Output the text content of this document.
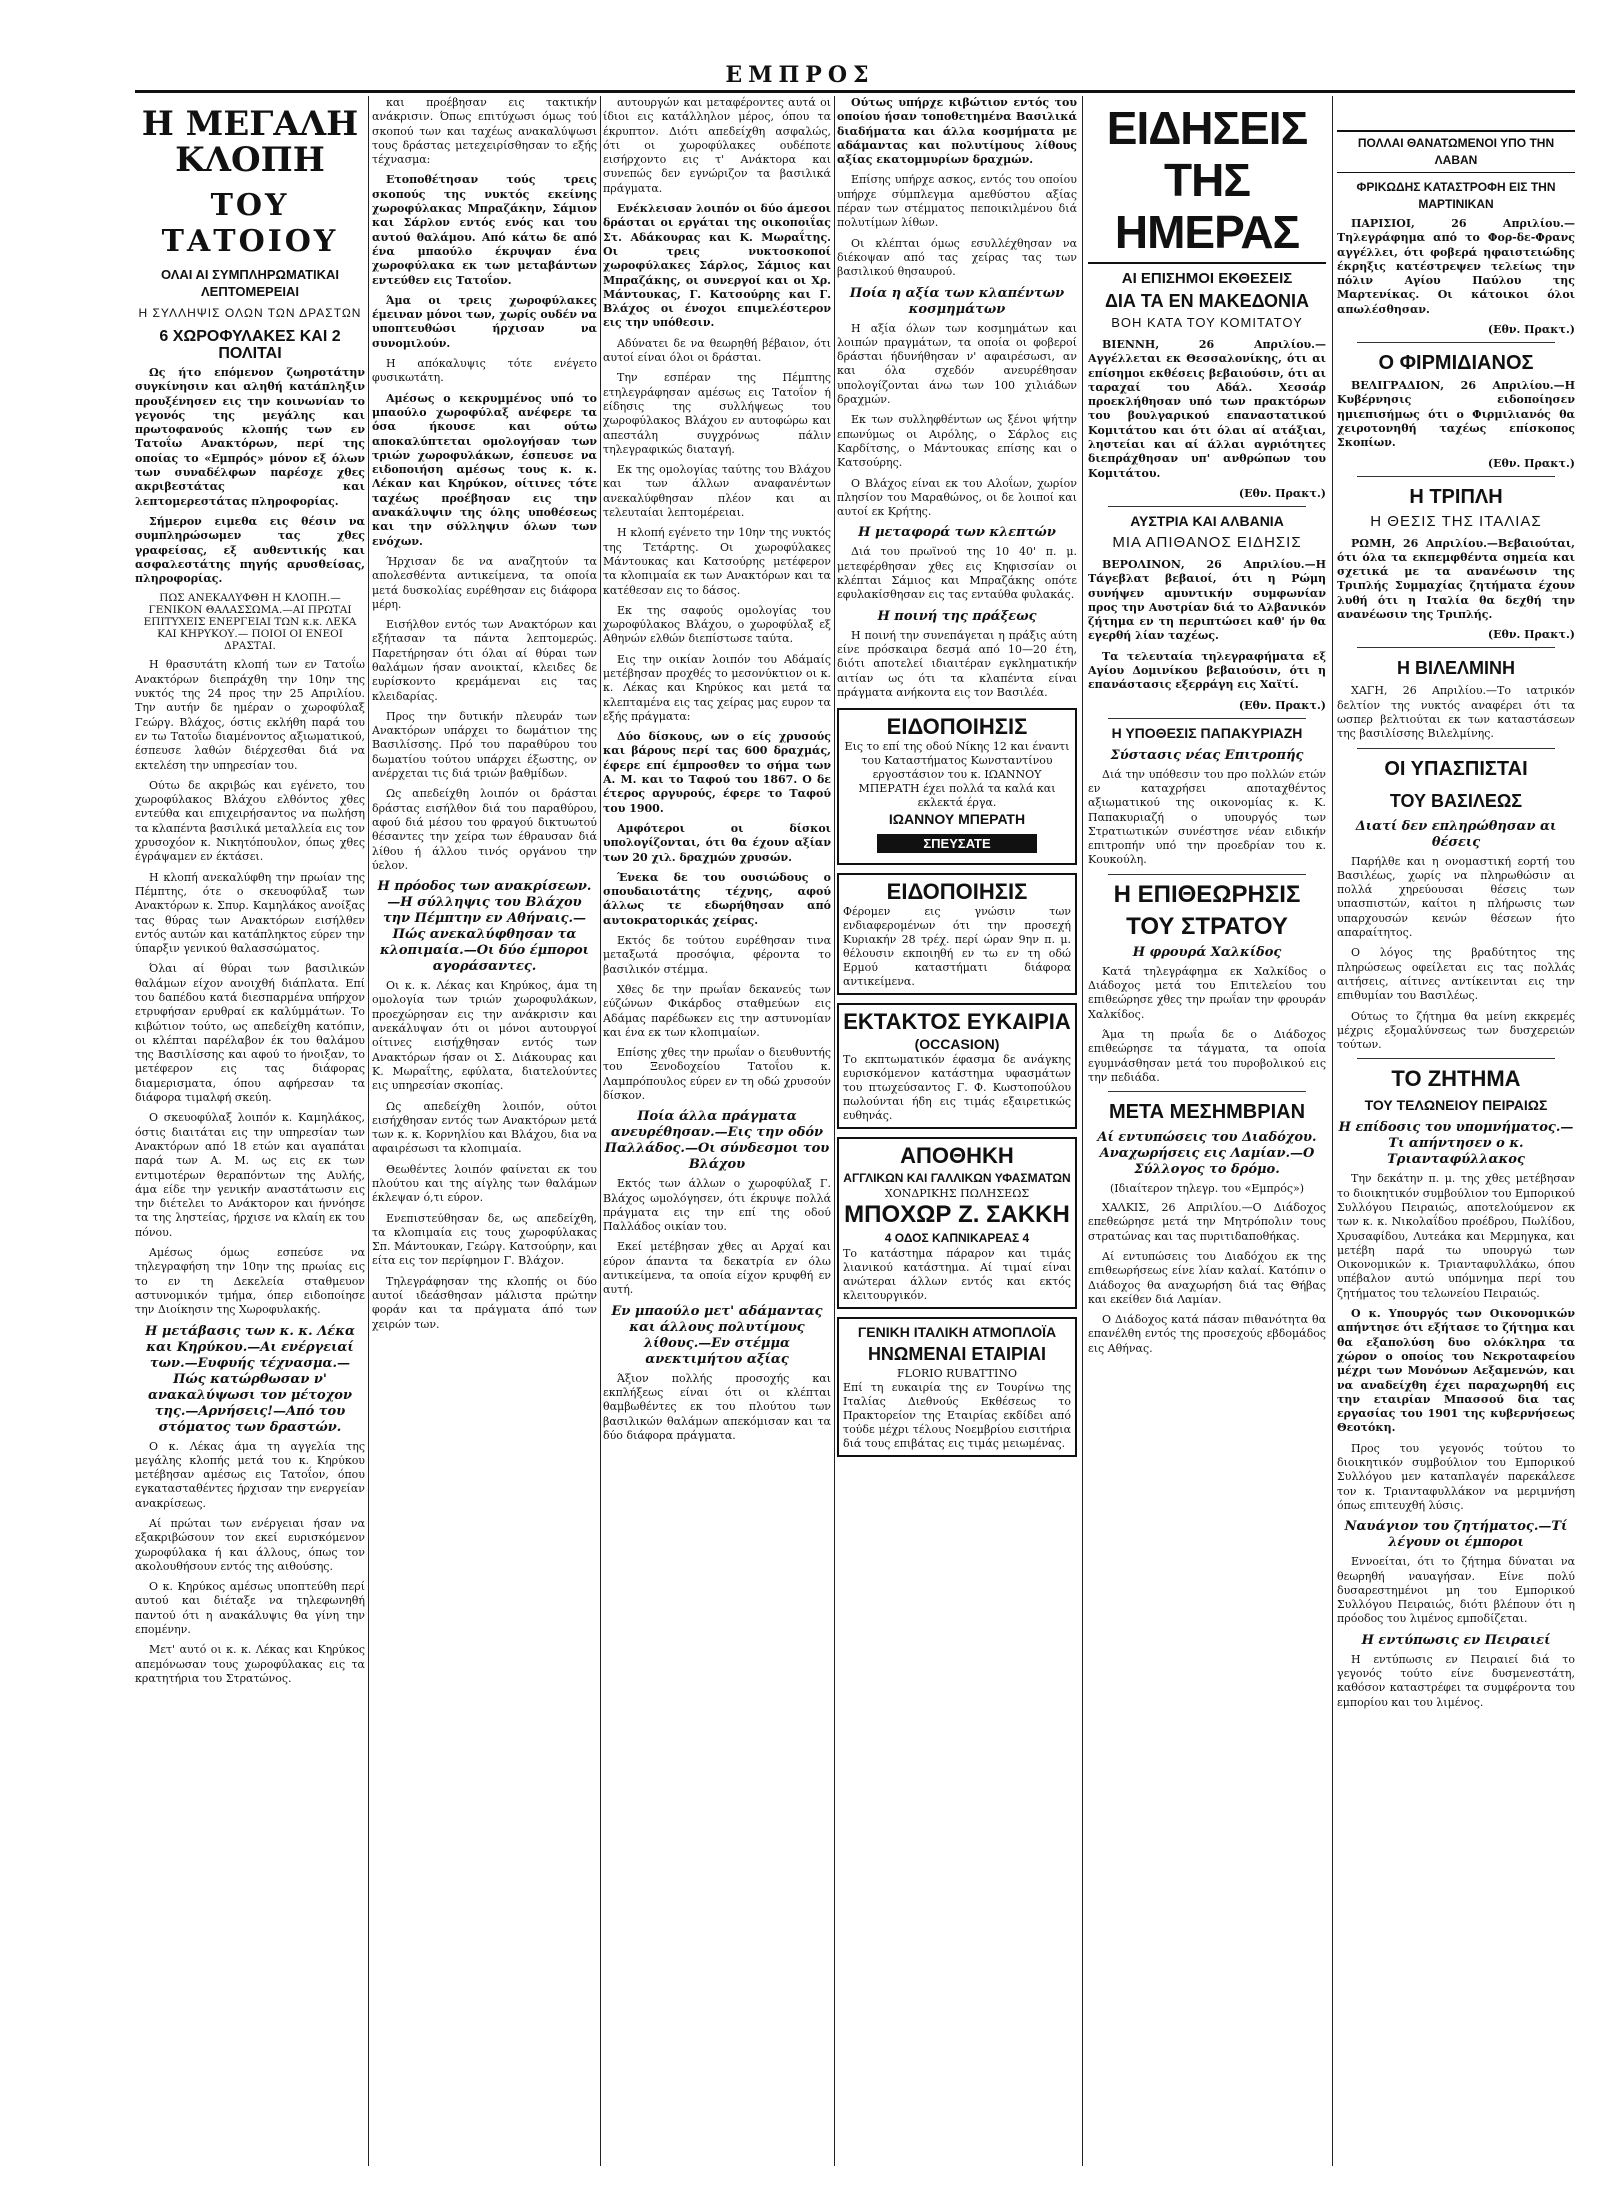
ΕΜΠΡΟΣ
Η ΜΕΓΑΛΗ ΚΛΟΠΗ
ΤΟΥ ΤΑΤΟΙΟΥ
ΟΛΑΙ ΑΙ ΣΥΜΠΛΗΡΩΜΑΤΙΚΑΙ ΛΕΠΤΟΜΕΡΕΙΑΙ
Η ΣΥΛΛΗΨΙΣ ΟΛΩΝ ΤΩΝ ΔΡΑΣΤΩΝ
6 ΧΩΡΟΦΥΛΑΚΕΣ ΚΑΙ 2 ΠΟΛΙΤΑΙ

Ως ήτο επόμενον ζωηροτάτην συγκίνησιν και αληθή κατάπληξιν προυξένησεν εις την κοινωνίαν το γεγονός της μεγάλης και πρωτοφανούς κλοπής των εν Τατοΐω Ανακτόρων, περί της οποίας το «Εμπρός» μόνον εξ όλων των συναδέλφων παρέσχε χθες ακριβεστάτας και λεπτομερεστάτας πληροφορίας.

Σήμερον ειμεθα εις θέσιν να συμπληρώσωμεν τας χθες γραφείσας, εξ αυθεντικής και ασφαλεστάτης πηγής αρυσθείσας, πληροφορίας.

ΠΩΣ ΑΝΕΚΑΛΥΦΘΗ Η ΚΛΟΠΗ.—ΓΕΝΙΚΟΝ ΘΑΛΑΣΣΩΜΑ.—ΑΙ ΠΡΩΤΑΙ ΕΠΙΤΥΧΕΙΣ ΕΝΕΡΓΕΙΑΙ ΤΩΝ κ.κ. ΛΕΚΑ ΚΑΙ ΚΗΡΥΚΟΥ.— ΠΟΙΟΙ ΟΙ ΕΝΕΟΙ ΔΡΑΣΤΑΙ.

Η θρασυτάτη κλοπή των εν Τατοΐω Ανακτόρων διεπράχθη την 10ην της νυκτός της 24 προς την 25 Απριλίου. Την αυτήν δε ημέραν ο χωροφύλαξ Γεώργ. Βλάχος, όστις εκλήθη παρά του εν τω Τατοΐω διαμένοντος αξιωματικού, έσπευσε λαθών διέρχεσθαι διά να εκτελέση την υπηρεσίαν του.

Ούτω δε ακριβώς και εγένετο, του χωροφύλακος Βλάχου ελθόντος χθες εντεύθα και επιχειρήσαντος να πωλήση τα κλαπέντα βασιλικά μεταλλεία εις τον χρυσοχόον κ. Νικητόπουλον, όπως χθες έγράψαμεν εν έκτάσει.

Η κλοπή ανεκαλύφθη την πρωίαν της Πέμπτης, ότε ο σκευοφύλαξ των Ανακτόρων κ. Σπυρ. Καμηλάκος ανοίξας τας θύρας των Ανακτόρων εισήλθεν εντός αυτών και κατάπληκτος εύρεν την ύπαρξιν γενικού θαλασσώματος.

Όλαι αί θύραι των βασιλικών θαλάμων είχον ανοιχθή διάπλατα. Επί του δαπέδου κατά διεσπαρμένα υπήρχον ετρυφήσαν ερυθραί εκ καλύμμάτων. Το κιβώτιον τούτο, ως απεδείχθη κατόπιν, οι κλέπται παρέλαβον έκ του θαλάμου της Βασιλίσσης και αφού το ήνοιξαν, το μετέφερον εις τας διάφορας διαμερισματα, όπου αφήρεσαν τα διάφορα τιμαλφή σκεύη.

Ο σκευοφύλαξ λοιπόν κ. Καμηλάκος, όστις διαιτάται εις την υπηρεσίαν των Ανακτόρων από 18 ετών και αγαπάται παρά των Α. Μ. ως εις εκ των εντιμοτέρων θεραπόντων της Αυλής, άμα είδε την γενικήν αναστάτωσιν εις την διέτελει το Ανάκτορον και ήννόησε τα της ληστείας, ήρχισε να κλαίη εκ του πόνου.

Αμέσως όμως εσπεύσε να τηλεγραφήση την 10ην της πρωίας εις το εν τη Δεκελεία σταθμευον αστυνομικόν τμήμα, όπερ ειδοποίησε την Διοίκησιν της Χωροφυλακής.

Η μετάβασις των κ. κ. Λέκα και Κηρύκου.—Αι ενέργειαί των.—Ευφυής τέχνασμα.—Πώς κατώρθωσαν ν' ανακαλύψωσι τον μέτοχον της.—Αρνήσεις!—Από του στόματος των δραστών.

Ο κ. Λέκας άμα τη αγγελία της μεγάλης κλοπής μετά του κ. Κηρύκου μετέβησαν αμέσως εις Τατοΐον, όπου εγκατασταθέντες ήρχισαν την ενεργείαν ανακρίσεως.

Αί πρώται των ενέργειαι ήσαν να εξακριβώσουν τον εκεί ευρισκόμενον χωροφύλακα ή και άλλους, όπως τον ακολουθήσουν εντός της αιθούσης.

Ο κ. Κηρύκος αμέσως υποπτεύθη περί αυτού και διέταξε να τηλεφωνηθή παντού ότι η ανακάλυψις θα γίνη την επομένην.

Μετ' αυτό οι κ. κ. Λέκας και Κηρύκος απεμόνωσαν τους χωροφύλακας εις τα κρατητήρια του Στρατώνος.

και προέβησαν εις τακτικήν ανάκρισιν. Όπως επιτύχωσι όμως τού σκοπού των και ταχέως ανακαλύψωσι τους δράστας μετεχειρίσθησαν το εξής τέχνασμα:

Ετοποθέτησαν τούς τρεις σκοπούς της νυκτός εκείνης χωροφύλακας Μπραζάκην, Σάμιον και Σάρλον εντός ενός και του αυτού θαλάμου. Από κάτω δε από ένα μπαούλο έκρυψαν ένα χωροφύλακα εκ των μεταβάντων εντεύθεν εις Τατοΐον.

Άμα οι τρεις χωροφύλακες έμειναν μόνοι των, χωρίς ουδέν να υποπτευθώσι ήρχισαν να συνομιλούν.

Η απόκαλυψις τότε ενέγετο φυσικωτάτη.

Αμέσως ο κεκρυμμένος υπό το μπαούλο χωροφύλαξ ανέφερε τα όσα ήκουσε και ούτω αποκαλύπτεται ομολογήσαν των τριών χωροφυλάκων, έσπευσε να ειδοποιήση αμέσως τους κ. κ. Λέκαν και Κηρύκον, οίτινες τότε ταχέως προέβησαν εις την ανακάλυψιν της όλης υποθέσεως και την σύλληψιν όλων των ενόχων.

Ήρχισαν δε να αναζητούν τα απολεσθέντα αντικείμενα, τα οποία μετά δυσκολίας ευρέθησαν εις διάφορα μέρη.

Εισήλθον εντός των Ανακτόρων και εξήτασαν τα πάντα λεπτομερώς. Παρετήρησαν ότι όλαι αί θύραι των θαλάμων ήσαν ανοικταί, κλειδες δε ευρίσκοντο κρεμάμεναι εις τας κλειδαρίας.

Προς την δυτικήν πλευράν των Ανακτόρων υπάρχει το δωμάτιον της Βασιλίσσης. Πρό του παραθύρου του δωματίου τούτου υπάρχει έξωστης, ον ανέρχεται τις διά τριών βαθμίδων.

Ως απεδείχθη λοιπόν οι δράσται δράστας εισήλθον διά του παραθύρου, αφού διά μέσου του φραγού δικτυωτού θέσαντες την χείρα των έθραυσαν διά λίθου ή άλλου τινός οργάνου την ύελον.

Η πρόοδος των ανακρίσεων.—Η σύλληψις του Βλάχου την Πέμπτην εν Αθήναις.—Πώς ανεκαλύφθησαν τα κλοπιμαία.—Οι δύο έμποροι αγοράσαντες.

Οι κ. κ. Λέκας και Κηρύκος, άμα τη ομολογία των τριών χωροφυλάκων, προεχώρησαν εις την ανάκρισιν και ανεκάλυψαν ότι οι μόνοι αυτουργοί οίτινες εισήχθησαν εντός των Ανακτόρων ήσαν οι Σ. Διάκουρας και Κ. Μωραΐτης, εφύλατα, διατελούντες εις υπηρεσίαν σκοπίας.

Ως απεδείχθη λοιπόν, ούτοι εισήχθησαν εντός των Ανακτόρων μετά των κ. κ. Κορνηλίου και Βλάχου, δια να αφαιρέσωσι τα κλοπιμαία.

Θεωθέντες λοιπόν φαίνεται εκ του πλούτου και της αίγλης των θαλάμων έκλεψαν ό,τι εύρον.

Ενεπιστεύθησαν δε, ως απεδείχθη, τα κλοπιμαία εις τους χωροφύλακας Σπ. Μάντουκαν, Γεώργ. Κατσούρην, και είτα εις τον περίφημον Γ. Βλάχον.

Τηλεγράφησαν της κλοπής οι δύο αυτοί ιδεάσθησαν μάλιστα πρώτην φοράν και τα πράγματα άπό των χειρών των.

αυτουργών και μεταφέροντες αυτά οι ίδιοι εις κατάλληλον μέρος, όπου τα έκρυπτον. Διότι απεδείχθη ασφαλώς, ότι οι χωροφύλακες ουδέποτε εισήρχοντο εις τ' Ανάκτορα και συνεπώς δεν εγνώριζον τα βασιλικά πράγματα.

Ενέκλεισαν λοιπόν οι δύο άμεσοι δράσται οι εργάται της οικοποιΐας Στ. Αδάκουρας και Κ. Μωραΐτης. Οι τρεις νυκτοσκοποί χωροφύλακες Σάρλος, Σάμιος και Μπραζάκης, οι συνεργοί και οι Χρ. Μάντουκας, Γ. Κατσούρης και Γ. Βλάχος οι ένοχοι επιμελέστερον εις την υπόθεσιν.

Αδύνατει δε να θεωρηθή βέβαιον, ότι αυτοί είναι όλοι οι δράσται.

Την εσπέραν της Πέμπτης ετηλεγράφησαν αμέσως εις Τατοΐον ή είδησις της συλλήψεως του χωροφύλακος Βλάχου εν αυτοφώρω και απεστάλη συγχρόνως πάλιν τηλεγραφικώς διαταγή.

Εκ της ομολογίας ταύτης του Βλάχου και των άλλων αναφανέντων ανεκαλύφθησαν πλέον και αι τελευταίαι λεπτομέρειαι.

Η κλοπή εγένετο την 10ην της νυκτός της Τετάρτης. Οι χωροφύλακες Μάντουκας και Κατσούρης μετέφερον τα κλοπιμαία εκ των Ανακτόρων και τα κατέθεσαν εις το δάσος.

Εκ της σαφούς ομολογίας του χωροφύλακος Βλάχου, ο χωροφύλαξ εξ Αθηνών ελθών διεπίστωσε ταύτα.

Εις την οικίαν λοιπόν του Αδάμαίς μετέβησαν προχθές το μεσονύκτιον οι κ. κ. Λέκας και Κηρύκος και μετά τα κλεπταμένα εις τας χείρας μας ευρον τα εξής πράγματα:

Δύο δίσκους, ων ο είς χρυσούς και βάρους περί τας 600 δραχμάς, έφερε επί έμπροσθεν το σήμα των Α. Μ. και το Ταφού του 1867. Ο δε έτερος αργυρούς, έφερε το Ταφού του 1900.

Αμφότεροι οι δίσκοι υπολογίζονται, ότι θα έχουν αξίαν των 20 χιλ. δραχμών χρυσών.

Ένεκα δε του ουσιώδους ο σπουδαιοτάτης τέχνης, αφού άλλως τε εδωρήθησαν από αυτοκρατορικάς χείρας.

Εκτός δε τούτου ευρέθησαν τινα μεταξωτά προσόψια, φέροντα το βασιλικόν στέμμα.

Χθες δε την πρωΐαν δεκανεύς των εύζώνων Φικάρδος σταθμεύων εις Αδάμας παρέδωκεν εις την αστυνομίαν και ένα εκ των κλοπιμαίων.

Επίσης χθες την πρωΐαν ο διευθυντής του Ξενοδοχείου Τατοΐου κ. Λαμπρόπουλος εύρεν εν τη οδώ χρυσούν δίσκον.

Ποία άλλα πράγματα ανευρέθησαν.—Εις την οδόν Παλλάδος.—Οι σύνδεσμοι του Βλάχου

Εκτός των άλλων ο χωροφύλαξ Γ. Βλάχος ωμολόγησεν, ότι έκρυψε πολλά πράγματα εις την επί της οδού Παλλάδος οικίαν του.

Εκεί μετέβησαν χθες αι Αρχαί και εύρον άπαντα τα δεκατρία εν όλω αντικείμενα, τα οποία είχον κρυφθή εν αυτή.

Εν μπαούλο μετ' αδάμαντας και άλλους πολυτίμους λίθους.—Εν στέμμα ανεκτιμήτου αξίας

Άξιον πολλής προσοχής και εκπλήξεως είναι ότι οι κλέπται θαμβωθέντες εκ του πλούτου των βασιλικών θαλάμων απεκόμισαν και τα δύο διάφορα πράγματα.

Ούτως υπήρχε κιβώτιον εντός του οποίου ήσαν τοποθετημένα Βασιλικά διαδήματα και άλλα κοσμήματα με αδάμαντας και πολυτίμους λίθους αξίας εκατομμυρίων δραχμών.

Επίσης υπήρχε ασκος, εντός του οποίου υπήρχε σύμπλεγμα αμεθύστου αξίας πέραν των στέμματος πεποικιλμένου διά πολυτίμων λίθων.

Οι κλέπται όμως εσυλλέχθησαν να διέκοψαν από τας χείρας τας των βασιλικού θησαυρού.

Ποία η αξία των κλαπέντων κοσμημάτων

Η αξία όλων των κοσμημάτων και λοιπών πραγμάτων, τα οποία οι φοβεροί δράσται ήδυνήθησαν ν' αφαιρέσωσι, αν και όλα σχεδόν ανευρέθησαν υπολογίζονται άνω των 100 χιλιάδων δραχμών.

Εκ των συλληφθέντων ως ξένοι ψήτην επωνύμως οι Αιρόλης, ο Σάρλος εις Καρδίτσης, ο Μάντουκας επίσης και ο Κατσούρης.

Ο Βλάχος είναι εκ του Αλοΐων, χωρίον πλησίον του Μαραθώνος, οι δε λοιποί και αυτοί εκ Κρήτης.

Η μεταφορά των κλεπτών

Διά του πρωϊνού της 10 40' π. μ. μετεφέρθησαν χθες εις Κηφισσίαν οι κλέπται Σάμιος και Μπραζάκης οπότε εφυλακίσθησαν εις τας ενταύθα φυλακάς.

Η ποινή της πράξεως

Η ποινή την συνεπάγεται η πράξις αύτη είνε πρόσκαιρα δεσμά από 10—20 έτη, διότι αποτελεί ιδιαιτέραν εγκληματικήν αιτίαν ως ότι τα κλαπέντα είναι πράγματα ανήκοντα εις τον Βασιλέα.

ΕΙΔΟΠΟΙΗΣΙΣ
Εις το επί της οδού Νίκης 12 και έναντι του Καταστήματος Κωνσταντίνου εργοστάσιον του κ. ΙΩΑΝΝΟΥ ΜΠΕΡΑΤΗ έχει πολλά τα καλά και εκλεκτά έργα.
ΙΩΑΝΝΟΥ ΜΠΕΡΑΤΗ
ΣΠΕΥΣΑΤΕ
ΕΙΔΟΠΟΙΗΣΙΣ
Φέρομεν εις γνώσιν των ενδιαφερομένων ότι την προσεχή Κυριακήν 28 τρέχ. περί ώραν 9ην π. μ. θέλουσιν εκποιηθή εν τω εν τη οδώ Ερμού καταστήματι διάφορα αντικείμενα.
ΕΚΤΑΚΤΟΣ ΕΥΚΑΙΡΙΑ
(OCCASION)
Το εκπτωματικόν έφασμα δε ανάγκης ευρισκόμενον κατάστημα υφασμάτων του πτωχεύσαντος Γ. Φ. Κωστοπούλου πωλούνται ήδη εις τιμάς εξαιρετικώς ευθηνάς.
ΑΠΟΘΗΚΗ
ΑΓΓΛΙΚΩΝ ΚΑΙ ΓΑΛΛΙΚΩΝ ΥΦΑΣΜΑΤΩΝ
ΧΟΝΔΡΙΚΗΣ ΠΩΛΗΣΕΩΣ
ΜΠΟΧΩΡ Ζ. ΣΑΚΚΗ
4 ΟΔΟΣ ΚΑΠΝΙΚΑΡΕΑΣ 4
Το κατάστημα πάραρον και τιμάς λιανικού κατάστημα. Αί τιμαί είναι ανώτεραι άλλων εντός και εκτός κλειτουργικόν.
ΓΕΝΙΚΗ ΙΤΑΛΙΚΗ ΑΤΜΟΠΛΟΪΑ
ΗΝΩΜΕΝΑΙ ΕΤΑΙΡΙΑΙ
FLORIO RUBATTINO
Επί τη ευκαιρία της εν Τουρίνω της Ιταλίας Διεθνούς Εκθέσεως το Πρακτορείον της Εταιρίας εκδίδει από τούδε μέχρι τέλους Νοεμβρίου εισιτήρια διά τους επιβάτας εις τιμάς μειωμένας.
ΕΙΔΗΣΕΙΣ ΤΗΣ ΗΜΕΡΑΣ
ΑΙ ΕΠΙΣΗΜΟΙ ΕΚΘΕΣΕΙΣ
ΔΙΑ ΤΑ ΕΝ ΜΑΚΕΔΟΝΙΑ
ΒΟΗ ΚΑΤΑ ΤΟΥ ΚΟΜΙΤΑΤΟΥ

ΒΙΕΝΝΗ, 26 Απριλίου.—Αγγέλλεται εκ Θεσσαλονίκης, ότι αι επίσημοι εκθέσεις βεβαιούσιν, ότι αι ταραχαί του Αδάλ. Χεσσάρ προεκλήθησαν υπό των πρακτόρων του βουλγαρικού επαναστατικού Κομιτάτου και ότι όλαι αί ατάξιαι, ληστείαι και αί άλλαι αγριότητες διεπράχθησαν υπ' ανθρώπων του Κομιτάτου.

(Εθν. Πρακτ.)
ΑΥΣΤΡΙΑ ΚΑΙ ΑΛΒΑΝΙΑ
ΜΙΑ ΑΠΙΘΑΝΟΣ ΕΙΔΗΣΙΣ

ΒΕΡΟΛΙΝΟΝ, 26 Απριλίου.—Η Τάγεβλατ βεβαιοί, ότι η Ρώμη συνήψεν αμυντικήν συμφωνίαν προς την Αυστρίαν διά το Αλβανικόν ζήτημα εν τη περιπτώσει καθ' ήν θα εγερθή λίαν ταχέως.

Τα τελευταία τηλεγραφήματα εξ Αγίου Δομινίκου βεβαιούσιν, ότι η επανάστασις εξερράγη εις Χαϊτί.

(Εθν. Πρακτ.)
Η ΥΠΟΘΕΣΙΣ ΠΑΠΑΚΥΡΙΑΖΗ
Σύστασις νέας Επιτροπής

Διά την υπόθεσιν του προ πολλών ετών εν καταχρήσει αποταχθέντος αξιωματικού της οικονομίας κ. Κ. Παπακυριαζή ο υπουργός των Στρατιωτικών συνέστησε νέαν ειδικήν επιτροπήν υπό την προεδρίαν του κ. Κουκούλη.

Η ΕΠΙΘΕΩΡΗΣΙΣ
ΤΟΥ ΣΤΡΑΤΟΥ
Η φρουρά Χαλκίδος

Κατά τηλεγράφημα εκ Χαλκίδος ο Διάδοχος μετά του Επιτελείου του επιθεώρησε χθες την πρωΐαν την φρουράν Χαλκίδος.

Άμα τη πρωΐα δε ο Διάδοχος επιθεώρησε τα τάγματα, τα οποία εγυμνάσθησαν μετά του πυροβολικού εις την πεδιάδα.

ΜΕΤΑ ΜΕΣΗΜΒΡΙΑΝ
Αί εντυπώσεις του Διαδόχου. Αναχωρήσεις εις Λαμίαν.—Ο Σύλλογος το δρόμο.
(Ιδιαίτερον τηλεγρ. του «Εμπρός»)

ΧΑΛΚΙΣ, 26 Απριλίου.—Ο Διάδοχος επεθεώρησε μετά την Μητρόπολιν τους στρατώνας και τας πυριτιδαποθήκας.

Αί εντυπώσεις του Διαδόχου εκ της επιθεωρήσεως είνε λίαν καλαί. Κατόπιν ο Διάδοχος θα αναχωρήση διά τας Θήβας και εκείθεν διά Λαμίαν.

Ο Διάδοχος κατά πάσαν πιθανότητα θα επανέλθη εντός της προσεχούς εβδομάδος εις Αθήνας.

ΠΟΛΛΑΙ ΘΑΝΑΤΩΜΕΝΟΙ ΥΠΟ ΤΗΝ ΛΑΒΑΝ
ΦΡΙΚΩΔΗΣ ΚΑΤΑΣΤΡΟΦΗ ΕΙΣ ΤΗΝ ΜΑΡΤΙΝΙΚΑΝ

ΠΑΡΙΣΙΟΙ, 26 Απριλίου.—Τηλεγράφημα από το Φορ-δε-Φρανς αγγέλλει, ότι φοβερά ηφαιστειώδης έκρηξις κατέστρεψεν τελείως την πόλιν Αγίου Παύλου της Μαρτενίκας. Οι κάτοικοι όλοι απωλέσθησαν.

(Εθν. Πρακτ.)
Ο ΦΙΡΜΙΔΙΑΝΟΣ

ΒΕΛΙΓΡΑΔΙΟΝ, 26 Απριλίου.—Η Κυβέρνησις ειδοποίησεν ημιεπισήμως ότι ο Φιρμιλιανός θα χειροτονηθή ταχέως επίσκοπος Σκοπίων.

(Εθν. Πρακτ.)
Η ΤΡΙΠΛΗ
Η ΘΕΣΙΣ ΤΗΣ ΙΤΑΛΙΑΣ

ΡΩΜΗ, 26 Απριλίου.—Βεβαιούται, ότι όλα τα εκπεμφθέντα σημεία και σχετικά με τα ανανέωσιν της Τριπλής Συμμαχίας ζητήματα έχουν λυθή ότι η Ιταλία θα δεχθή την ανανέωσιν της Τριπλής.

(Εθν. Πρακτ.)
Η ΒΙΛΕΛΜΙΝΗ

ΧΑΓΗ, 26 Απριλίου.—Το ιατρικόν δελτίον της νυκτός αναφέρει ότι τα ωσπερ βελτιούται εκ των καταστάσεων της βασιλίσσης Βιλελμίνης.

ΟΙ ΥΠΑΣΠΙΣΤΑΙ
ΤΟΥ ΒΑΣΙΛΕΩΣ
Διατί δεν επληρώθησαν αι θέσεις

Παρήλθε και η ονομαστική εορτή του Βασιλέως, χωρίς να πληρωθώσιν αι πολλά χηρεύουσαι θέσεις των υπασπιστών, καίτοι η πλήρωσις των υπαρχουσών κενών θέσεων ήτο απαραίτητος.

Ο λόγος της βραδύτητος της πληρώσεως οφείλεται εις τας πολλάς αιτήσεις, αίτινες αντίκεινται εις την επιθυμίαν του Βασιλέως.

Ούτως το ζήτημα θα μείνη εκκρεμές μέχρις εξομαλύνσεως των δυσχερειών τούτων.

ΤΟ ΖΗΤΗΜΑ
ΤΟΥ ΤΕΛΩΝΕΙΟΥ ΠΕΙΡΑΙΩΣ
Η επίδοσις του υπομνήματος.—Τι απήντησεν ο κ. Τριανταφύλλακος

Την δεκάτην π. μ. της χθες μετέβησαν το διοικητικόν συμβούλιον του Εμπορικού Συλλόγου Πειραιώς, αποτελούμενον εκ των κ. κ. Νικολαΐδου προέδρου, Πωλίδου, Χρυσαφίδου, Λυτεάκα και Μερμηγκα, και μετέβη παρά τω υπουργώ των Οικονομικών κ. Τριανταφυλλάκω, όπου υπέβαλον αυτώ υπόμνημα περί του ζητήματος του τελωνείου Πειραιώς.

Ο κ. Υπουργός των Οικονομικών απήντησε ότι εξήτασε το ζήτημα και θα εξαπολύση δυο ολόκληρα τα χώρον ο οποίος του Νεκροταφείου μέχρι των Μονόνων Αεξαμενών, και να αναδείχθη έχει παραχωρηθή εις την εταιρίαν Μπασσού δια τας εργασίας του 1901 της κυβερνήσεως Θεοτόκη.

Προς του γεγονός τούτου το διοικητικόν συμβούλιον του Εμπορικού Συλλόγου μεν καταπλαγέν παρεκάλεσε τον κ. Τριανταφυλλάκον να μεριμνήση όπως επιτευχθή λύσις.

Ναυάγιον του ζητήματος.—Τί λέγουν οι έμποροι

Εννοείται, ότι το ζήτημα δύναται να θεωρηθή ναυαγήσαν. Είνε πολύ δυσαρεστημένοι μη του Εμπορικού Συλλόγου Πειραιώς, διότι βλέπουν ότι η πρόοδος του λιμένος εμποδίζεται.

Η εντύπωσις εν Πειραιεί

Η εντύπωσις εν Πειραιεί διά το γεγονός τούτο είνε δυσμενεστάτη, καθόσον καταστρέφει τα συμφέροντα του εμπορίου και του λιμένος.
